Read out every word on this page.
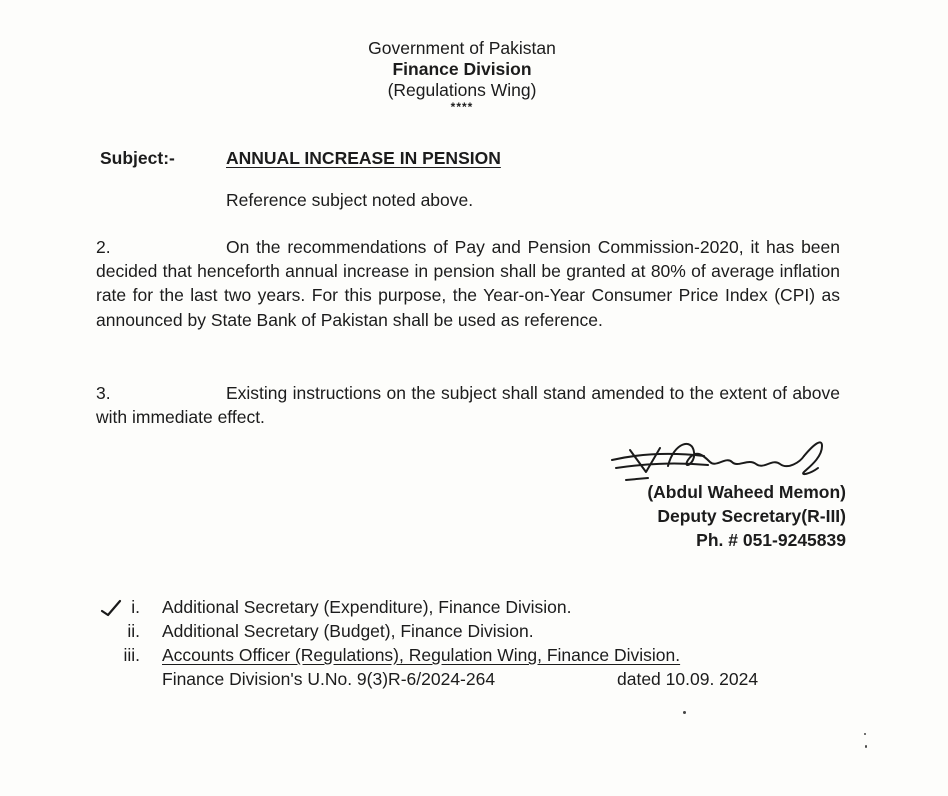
Government of Pakistan
Finance Division
(Regulations Wing)
****
Subject:-	ANNUAL INCREASE IN PENSION
Reference subject noted above.
2.	On the recommendations of Pay and Pension Commission-2020, it has been decided that henceforth annual increase in pension shall be granted at 80% of average inflation rate for the last two years. For this purpose, the Year-on-Year Consumer Price Index (CPI) as announced by State Bank of Pakistan shall be used as reference.
3.	Existing instructions on the subject shall stand amended to the extent of above with immediate effect.
(Abdul Waheed Memon)
Deputy Secretary(R-III)
Ph. # 051-9245839
i. Additional Secretary (Expenditure), Finance Division.
ii. Additional Secretary (Budget), Finance Division.
iii. Accounts Officer (Regulations), Regulation Wing, Finance Division.
Finance Division's U.No. 9(3)R-6/2024-264	dated 10.09. 2024
